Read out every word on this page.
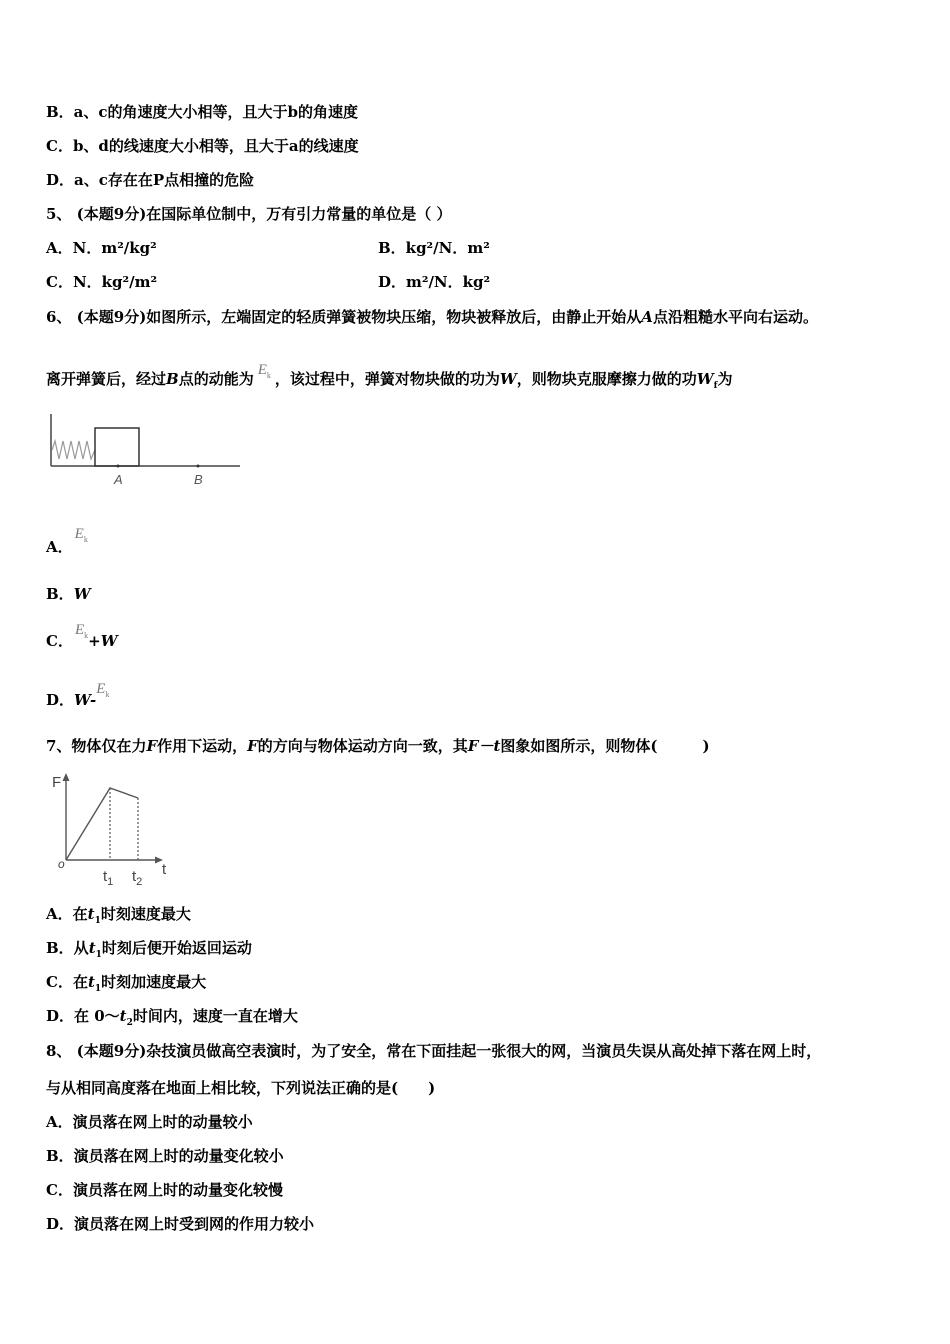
B．a、c的角速度大小相等，且大于b的角速度
C．b、d的线速度大小相等，且大于a的线速度
D．a、c存在在P点相撞的危险
5、 (本题9分)在国际单位制中，万有引力常量的单位是（ ）
A．N．m²/kg²	B．kg²/N．m²
C．N．kg²/m²	D．m²/N．kg²
6、 (本题9分)如图所示，左端固定的轻质弹簧被物块压缩，物块被释放后，由静止开始从A点沿粗糙水平向右运动。
离开弹簧后，经过B点的动能为 $E_k$ ，该过程中，弹簧对物块做的功为W，则物块克服摩擦力做的功$W_f$为
A	B
A．$E_k$
B．W
C．$E_k+W$
D．$W-E_k$
7、物体仅在力F作用下运动，F的方向与物体运动方向一致，其F－t图象如图所示，则物体(　　　)
F
o	t
$t_1$ $t_2$
A．在$t_1$时刻速度最大
B．从$t_1$时刻后便开始返回运动
C．在$t_1$时刻加速度最大
D．在 $0\sim t_2$时间内，速度一直在增大
8、 (本题9分)杂技演员做高空表演时，为了安全，常在下面挂起一张很大的网，当演员失误从高处掉下落在网上时，
与从相同高度落在地面上相比较，下列说法正确的是(　　)
A．演员落在网上时的动量较小
B．演员落在网上时的动量变化较小
C．演员落在网上时的动量变化较慢
D．演员落在网上时受到网的作用力较小
